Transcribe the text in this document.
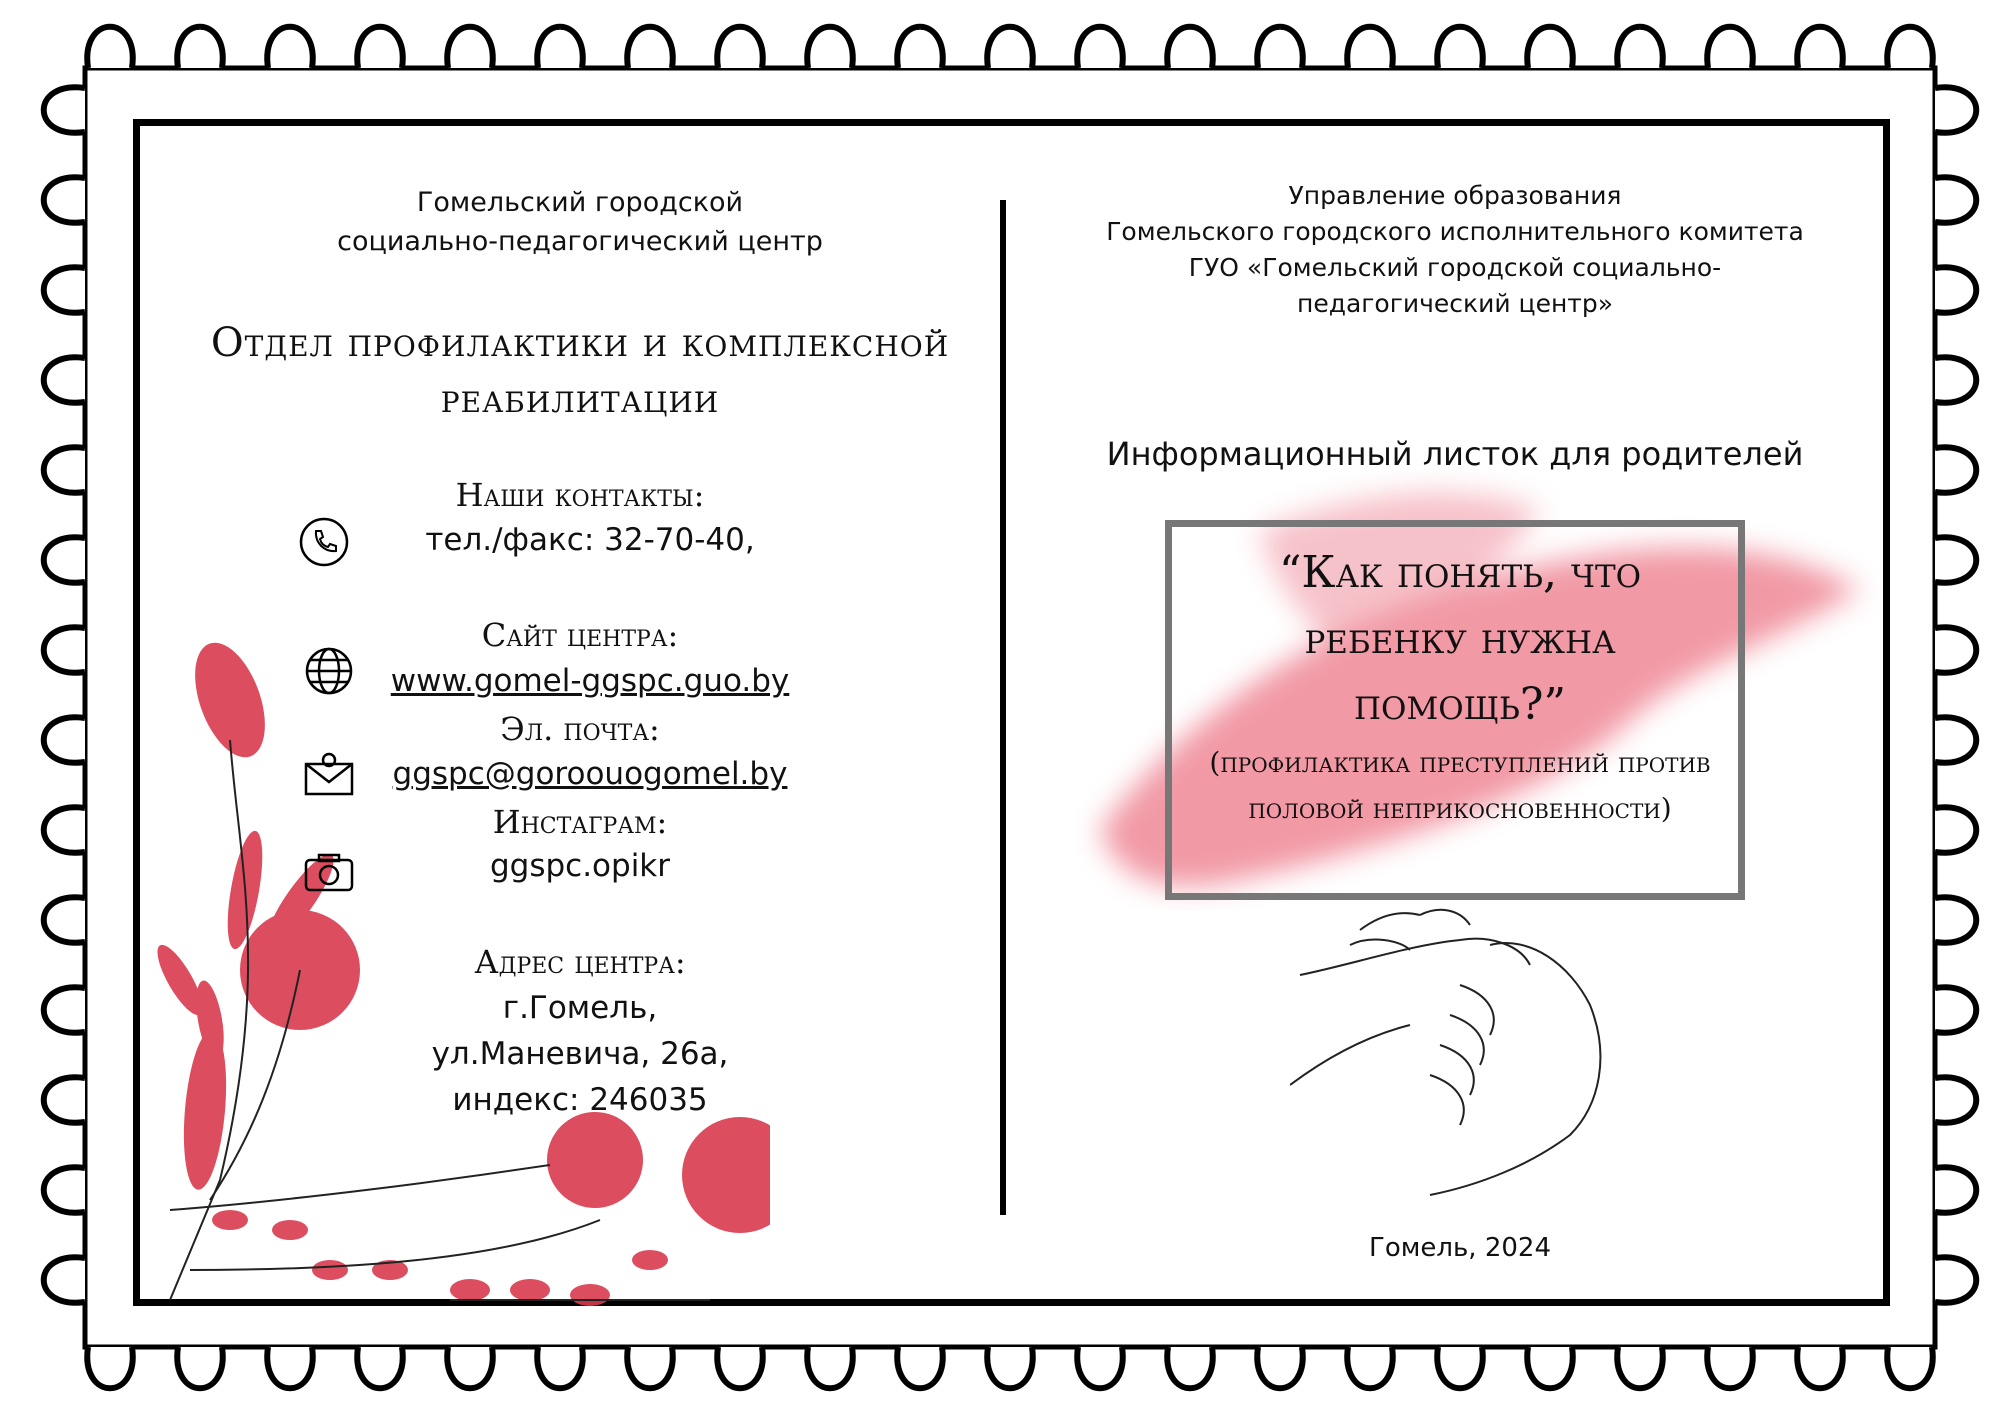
Гомельский городской
социально-педагогический центр
Отдел профилактики и комплексной реабилитации
Наши контакты:
тел./факс: 32-70-40,
Сайт центра:
www.gomel-ggspc.guo.by
Эл. почта:
ggspc@goroouogomel.by
Инстаграм:
ggspc.opikr
Адрес центра:
г.Гомель,
ул.Маневича, 26а,
индекс: 246035
Управление образования
Гомельского городского исполнительного комитета
ГУО «Гомельский городской социально-
педагогический центр»
Информационный листок для родителей
“Как понять, что ребенку нужна помощь?”
(профилактика преступлений против половой неприкосновенности)
Гомель, 2024
